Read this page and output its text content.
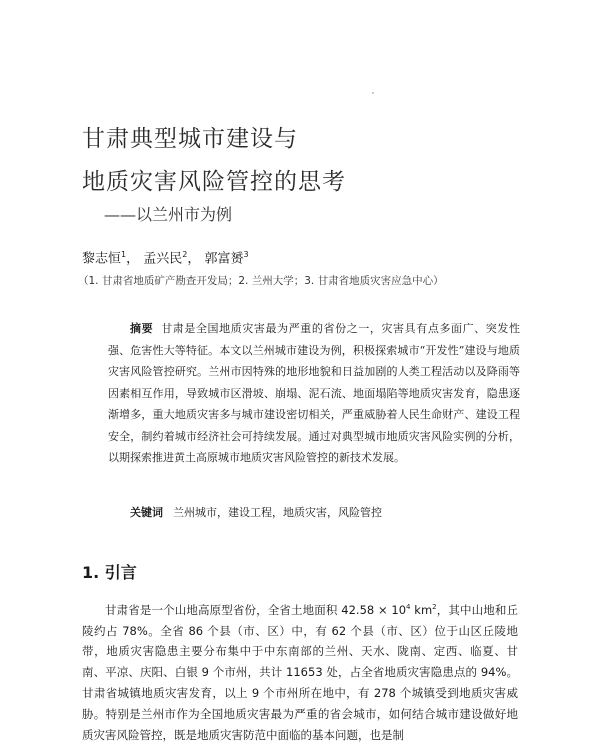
甘肃典型城市建设与
地质灾害风险管控的思考
——以兰州市为例
黎志恒$^1$， 孟兴民$^2$， 郭富赟$^3$
（1. 甘肃省地质矿产勘查开发局；2. 兰州大学；3. 甘肃省地质灾害应急中心）
摘要 甘肃是全国地质灾害最为严重的省份之一，灾害具有点多面广、突发性强、危害性大等特征。本文以兰州城市建设为例，积极探索城市“开发性”建设与地质灾害风险管控研究。兰州市因特殊的地形地貌和日益加剧的人类工程活动以及降雨等因素相互作用，导致城市区滑坡、崩塌、泥石流、地面塌陷等地质灾害发育，隐患逐渐增多，重大地质灾害多与城市建设密切相关，严重威胁着人民生命财产、建设工程安全，制约着城市经济社会可持续发展。通过对典型城市地质灾害风险实例的分析，以期探索推进黄土高原城市地质灾害风险管控的新技术发展。
关键词 兰州城市，建设工程，地质灾害，风险管控
1. 引言

甘肃省是一个山地高原型省份，全省土地面积 $42.58 \times 10^4$ $km^2$，其中山地和丘陵约占 78%。全省 86 个县（市、区）中，有 62 个县（市、区）位于山区丘陵地带，地质灾害隐患主要分布集中于中东南部的兰州、天水、陇南、定西、临夏、甘南、平凉、庆阳、白银 9 个市州，共计 11653 处，占全省地质灾害隐患点的 94%。甘肃省城镇地质灾害发育，以上 9 个市州所在地中，有 278 个城镇受到地质灾害威胁。特别是兰州市作为全国地质灾害最为严重的省会城市，如何结合城市建设做好地质灾害风险管控，既是地质灾害防范中面临的基本问题，也是制
